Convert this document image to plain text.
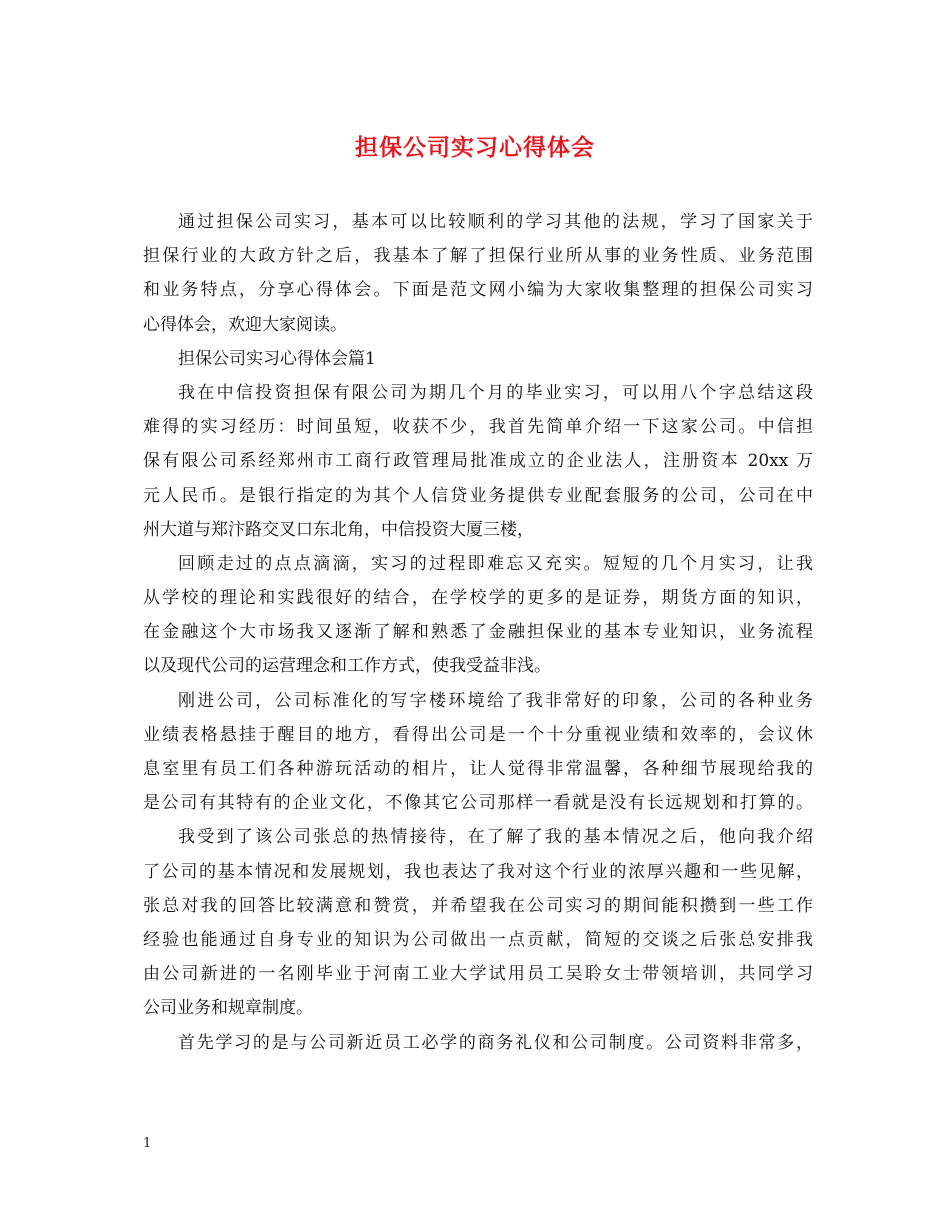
担保公司实习心得体会
通过担保公司实习，基本可以比较顺利的学习其他的法规，学习了国家关于
担保行业的大政方针之后，我基本了解了担保行业所从事的业务性质、业务范围
和业务特点，分享心得体会。下面是范文网小编为大家收集整理的担保公司实习
心得体会，欢迎大家阅读。
担保公司实习心得体会篇1
我在中信投资担保有限公司为期几个月的毕业实习，可以用八个字总结这段
难得的实习经历：时间虽短，收获不少，我首先简单介绍一下这家公司。中信担
保有限公司系经郑州市工商行政管理局批准成立的企业法人，注册资本 20xx 万
元人民币。是银行指定的为其个人信贷业务提供专业配套服务的公司，公司在中
州大道与郑汴路交叉口东北角，中信投资大厦三楼，
回顾走过的点点滴滴，实习的过程即难忘又充实。短短的几个月实习，让我
从学校的理论和实践很好的结合，在学校学的更多的是证券，期货方面的知识，
在金融这个大市场我又逐渐了解和熟悉了金融担保业的基本专业知识，业务流程
以及现代公司的运营理念和工作方式，使我受益非浅。
刚进公司，公司标准化的写字楼环境给了我非常好的印象，公司的各种业务
业绩表格悬挂于醒目的地方，看得出公司是一个十分重视业绩和效率的，会议休
息室里有员工们各种游玩活动的相片，让人觉得非常温馨，各种细节展现给我的
是公司有其特有的企业文化，不像其它公司那样一看就是没有长远规划和打算的。
我受到了该公司张总的热情接待，在了解了我的基本情况之后，他向我介绍
了公司的基本情况和发展规划，我也表达了我对这个行业的浓厚兴趣和一些见解，
张总对我的回答比较满意和赞赏，并希望我在公司实习的期间能积攒到一些工作
经验也能通过自身专业的知识为公司做出一点贡献，简短的交谈之后张总安排我
由公司新进的一名刚毕业于河南工业大学试用员工吴聆女士带领培训，共同学习
公司业务和规章制度。
首先学习的是与公司新近员工必学的商务礼仪和公司制度。公司资料非常多，
1
